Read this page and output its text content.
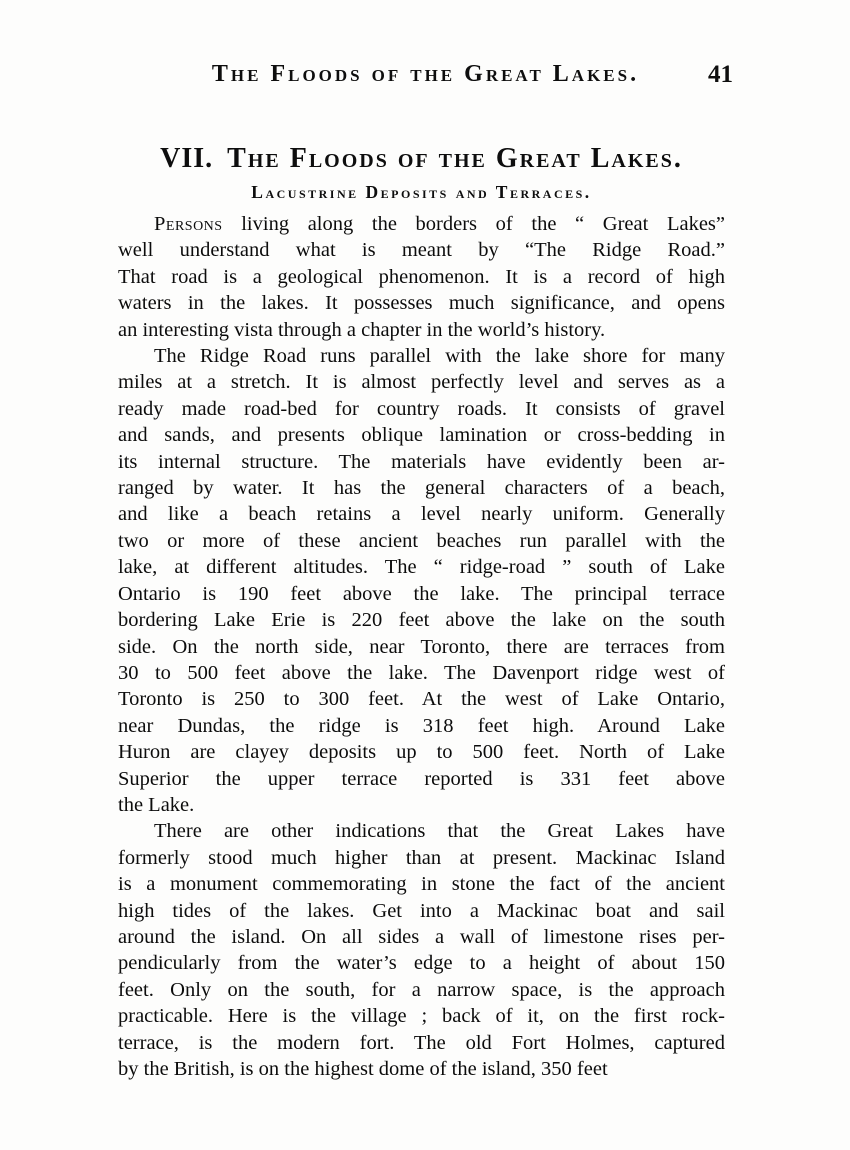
The Floods of the Great Lakes.	41
VII. The Floods of the Great Lakes.
Lacustrine Deposits and Terraces.
Persons living along the borders of the “ Great Lakes”
well understand what is meant by “The Ridge Road.”
That road is a geological phenomenon. It is a record of high
waters in the lakes. It possesses much significance, and opens
an interesting vista through a chapter in the world’s history.
The Ridge Road runs parallel with the lake shore for many
miles at a stretch. It is almost perfectly level and serves as a
ready made road-bed for country roads. It consists of gravel
and sands, and presents oblique lamination or cross-bedding in
its internal structure. The materials have evidently been ar-
ranged by water. It has the general characters of a beach,
and like a beach retains a level nearly uniform. Generally
two or more of these ancient beaches run parallel with the
lake, at different altitudes. The “ ridge-road ” south of Lake
Ontario is 190 feet above the lake. The principal terrace
bordering Lake Erie is 220 feet above the lake on the south
side. On the north side, near Toronto, there are terraces from
30 to 500 feet above the lake. The Davenport ridge west of
Toronto is 250 to 300 feet. At the west of Lake Ontario,
near Dundas, the ridge is 318 feet high. Around Lake
Huron are clayey deposits up to 500 feet. North of Lake
Superior the upper terrace reported is 331 feet above
the Lake.
There are other indications that the Great Lakes have
formerly stood much higher than at present. Mackinac Island
is a monument commemorating in stone the fact of the ancient
high tides of the lakes. Get into a Mackinac boat and sail
around the island. On all sides a wall of limestone rises per-
pendicularly from the water’s edge to a height of about 150
feet. Only on the south, for a narrow space, is the approach
practicable. Here is the village ; back of it, on the first rock-
terrace, is the modern fort. The old Fort Holmes, captured
by the British, is on the highest dome of the island, 350 feet
